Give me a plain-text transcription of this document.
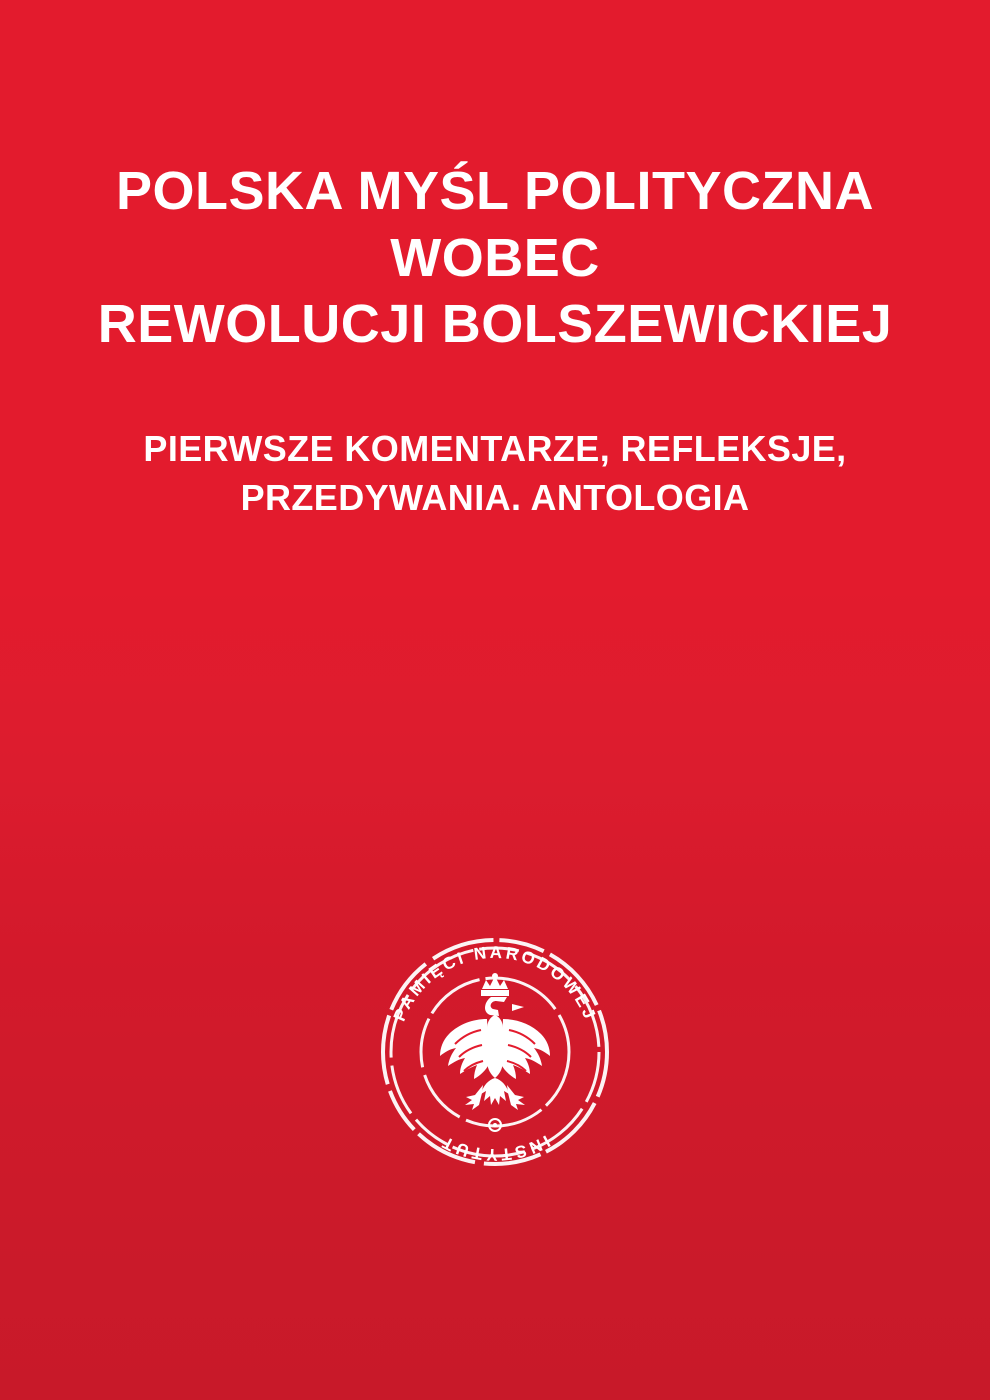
POLSKA MYŚL POLITYCZNA
WOBEC
REWOLUCJI BOLSZEWICKIEJ
PIERWSZE KOMENTARZE, REFLEKSJE,
PRZEDYWANIA. ANTOLOGIA
PAMIĘCI NARODOWEJ
INSTYTUT
